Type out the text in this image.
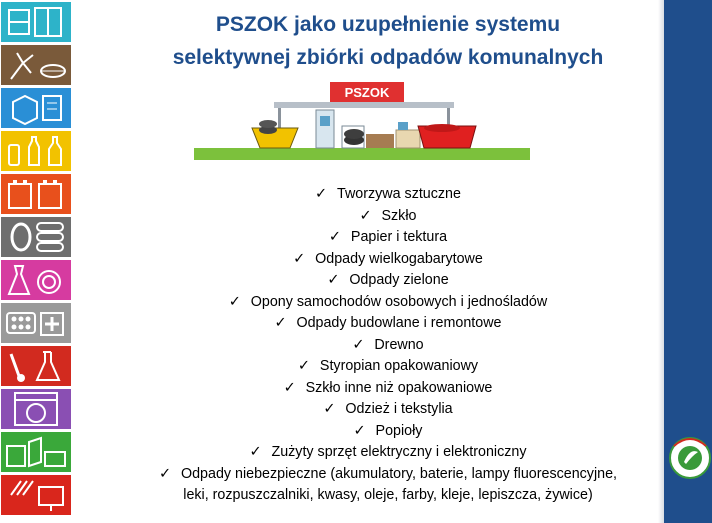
PSZOK jako uzupełnienie systemu
selektywnej zbiórki odpadów komunalnych
PSZOK
✓ Tworzywa sztuczne
✓ Szkło
✓ Papier i tektura
✓ Odpady wielkogabarytowe
✓ Odpady zielone
✓ Opony samochodów osobowych i jednośladów
✓ Odpady budowlane i remontowe
✓ Drewno
✓ Styropian opakowaniowy
✓ Szkło inne niż opakowaniowe
✓ Odzież i tekstylia
✓ Popioły
✓ Zużyty sprzęt elektryczny i elektroniczny
✓ Odpady niebezpieczne (akumulatory, baterie, lampy fluorescencyjne,
leki, rozpuszczalniki, kwasy, oleje, farby, kleje, lepiszcza, żywice)
